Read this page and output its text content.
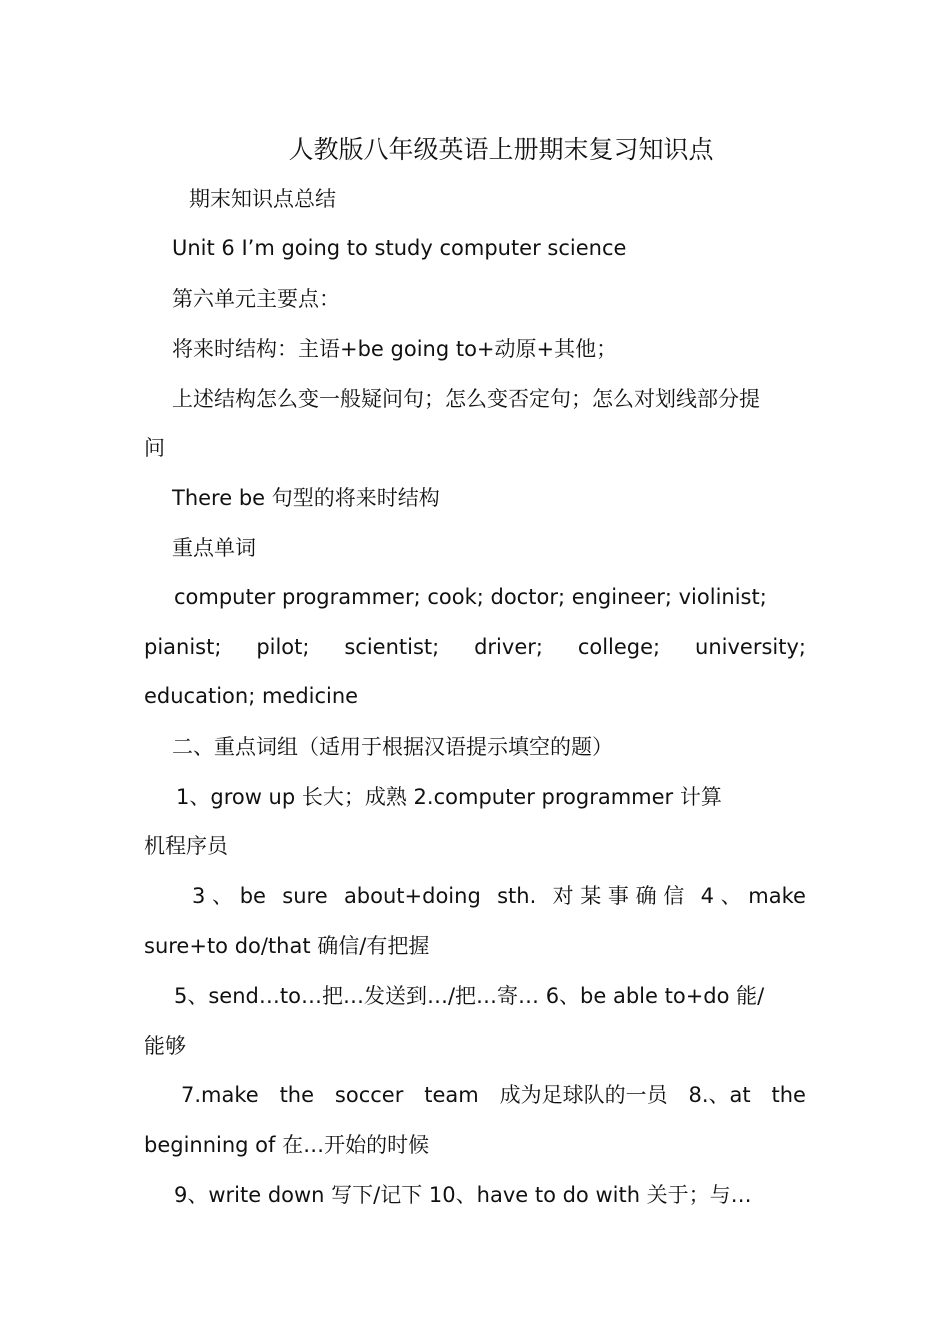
人教版八年级英语上册期末复习知识点
期末知识点总结
Unit 6 I’m going to study computer science
第六单元主要点：
将来时结构：主语+be going to+动原+其他；
上述结构怎么变一般疑问句；怎么变否定句；怎么对划线部分提
问
There be 句型的将来时结构
重点单词
computer programmer; cook; doctor; engineer; violinist;
pianist; pilot; scientist; driver; college; university;
education; medicine
二、重点词组（适用于根据汉语提示填空的题）
1、grow up 长大；成熟 2.computer programmer 计算
机程序员
3 、 be sure about+doing sth. 对 某 事 确 信 4 、 make
sure+to do/that 确信/有把握
5、send…to…把…发送到…/把…寄… 6、be able to+do 能/
能够
7.make the soccer team 成为足球队的一员 8.、at the
beginning of 在…开始的时候
9、write down 写下/记下 10、have to do with 关于；与…
